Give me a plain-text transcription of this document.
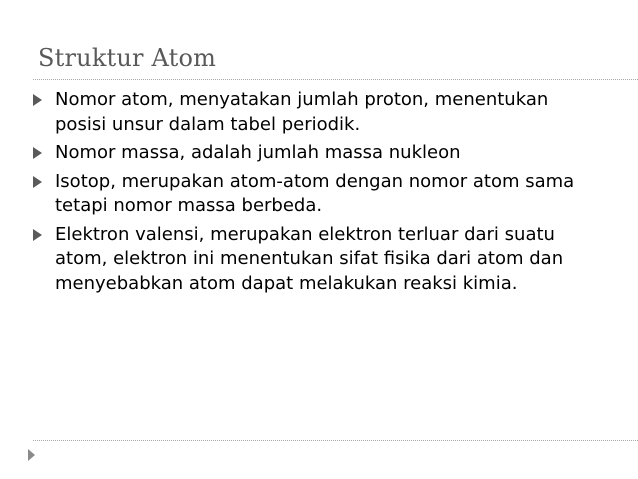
Struktur Atom
Nomor atom, menyatakan jumlah proton, menentukan posisi unsur dalam tabel periodik.
Nomor massa, adalah jumlah massa nukleon
Isotop, merupakan atom-atom dengan nomor atom sama tetapi nomor massa berbeda.
Elektron valensi, merupakan elektron terluar dari suatu atom, elektron ini menentukan sifat fisika dari atom dan menyebabkan atom dapat melakukan reaksi kimia.
